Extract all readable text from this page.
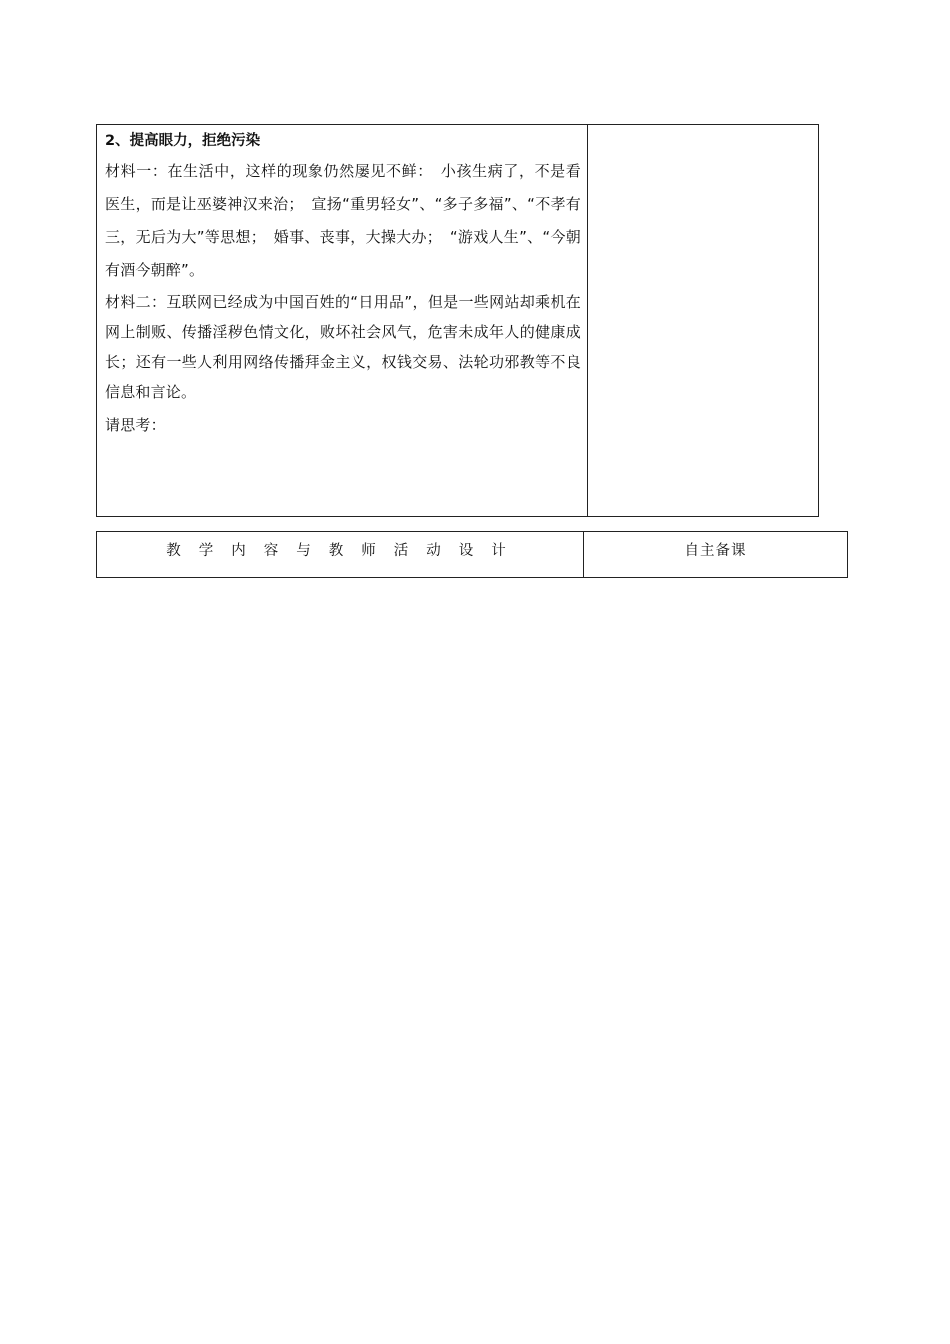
2、提高眼力，拒绝污染

材料一：在生活中，这样的现象仍然屡见不鲜：　小孩生病了，不是看医生，而是让巫婆神汉来治；　宣扬“重男轻女”、“多子多福”、“不孝有三，无后为大”等思想；　婚事、丧事，大操大办；　“游戏人生”、“今朝有酒今朝醉”。

材料二：互联网已经成为中国百姓的“日用品”，但是一些网站却乘机在网上制贩、传播淫秽色情文化，败坏社会风气，危害未成年人的健康成长；还有一些人利用网络传播拜金主义，权钱交易、法轮功邪教等不良信息和言论。

请思考：

教学内容与教师活动设计	自主备课
